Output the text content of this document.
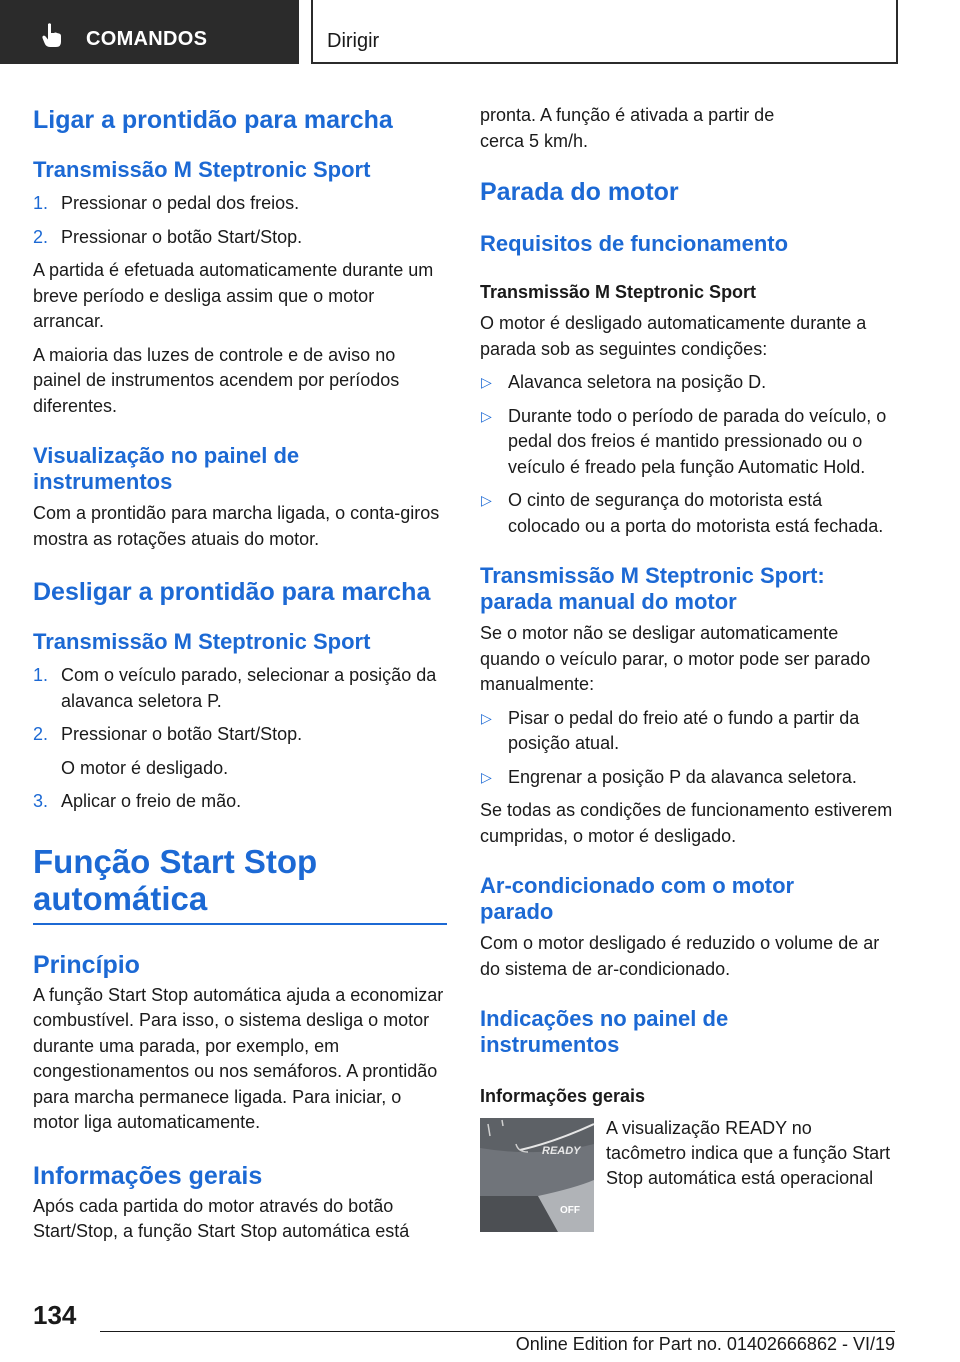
COMANDOS	Dirigir
Ligar a prontidão para marcha
Transmissão M Steptronic Sport
1. Pressionar o pedal dos freios.
2. Pressionar o botão Start/Stop.

A partida é efetuada automaticamente durante um breve período e desliga assim que o motor arrancar.

A maioria das luzes de controle e de aviso no painel de instrumentos acendem por períodos diferentes.

Visualização no painel de instrumentos

Com a prontidão para marcha ligada, o conta-giros mostra as rotações atuais do motor.

Desligar a prontidão para marcha
Transmissão M Steptronic Sport
1. Com o veículo parado, selecionar a posição da alavanca seletora P.
2. Pressionar o botão Start/Stop.
O motor é desligado.
3. Aplicar o freio de mão.
Função Start Stop automática
Princípio

A função Start Stop automática ajuda a economizar combustível. Para isso, o sistema desliga o motor durante uma parada, por exemplo, em congestionamentos ou nos semáforos. A prontidão para marcha permanece ligada. Para iniciar, o motor liga automaticamente.

Informações gerais

Após cada partida do motor através do botão Start/Stop, a função Start Stop automática está

pronta. A função é ativada a partir de cerca 5 km/h.

Parada do motor
Requisitos de funcionamento
Transmissão M Steptronic Sport

O motor é desligado automaticamente durante a parada sob as seguintes condições:

▷ Alavanca seletora na posição D.
▷ Durante todo o período de parada do veículo, o pedal dos freios é mantido pressionado ou o veículo é freado pela função Automatic Hold.
▷ O cinto de segurança do motorista está colocado ou a porta do motorista está fechada.
Transmissão M Steptronic Sport: parada manual do motor

Se o motor não se desligar automaticamente quando o veículo parar, o motor pode ser parado manualmente:

▷ Pisar o pedal do freio até o fundo a partir da posição atual.
▷ Engrenar a posição P da alavanca seletora.

Se todas as condições de funcionamento estiverem cumpridas, o motor é desligado.

Ar-condicionado com o motor parado

Com o motor desligado é reduzido o volume de ar do sistema de ar-condicionado.

Indicações no painel de instrumentos
Informações gerais
READY
OFF
A visualização READY no tacômetro indica que a função Start Stop automática está operacional
134
Online Edition for Part no. 01402666862 - VI/19
